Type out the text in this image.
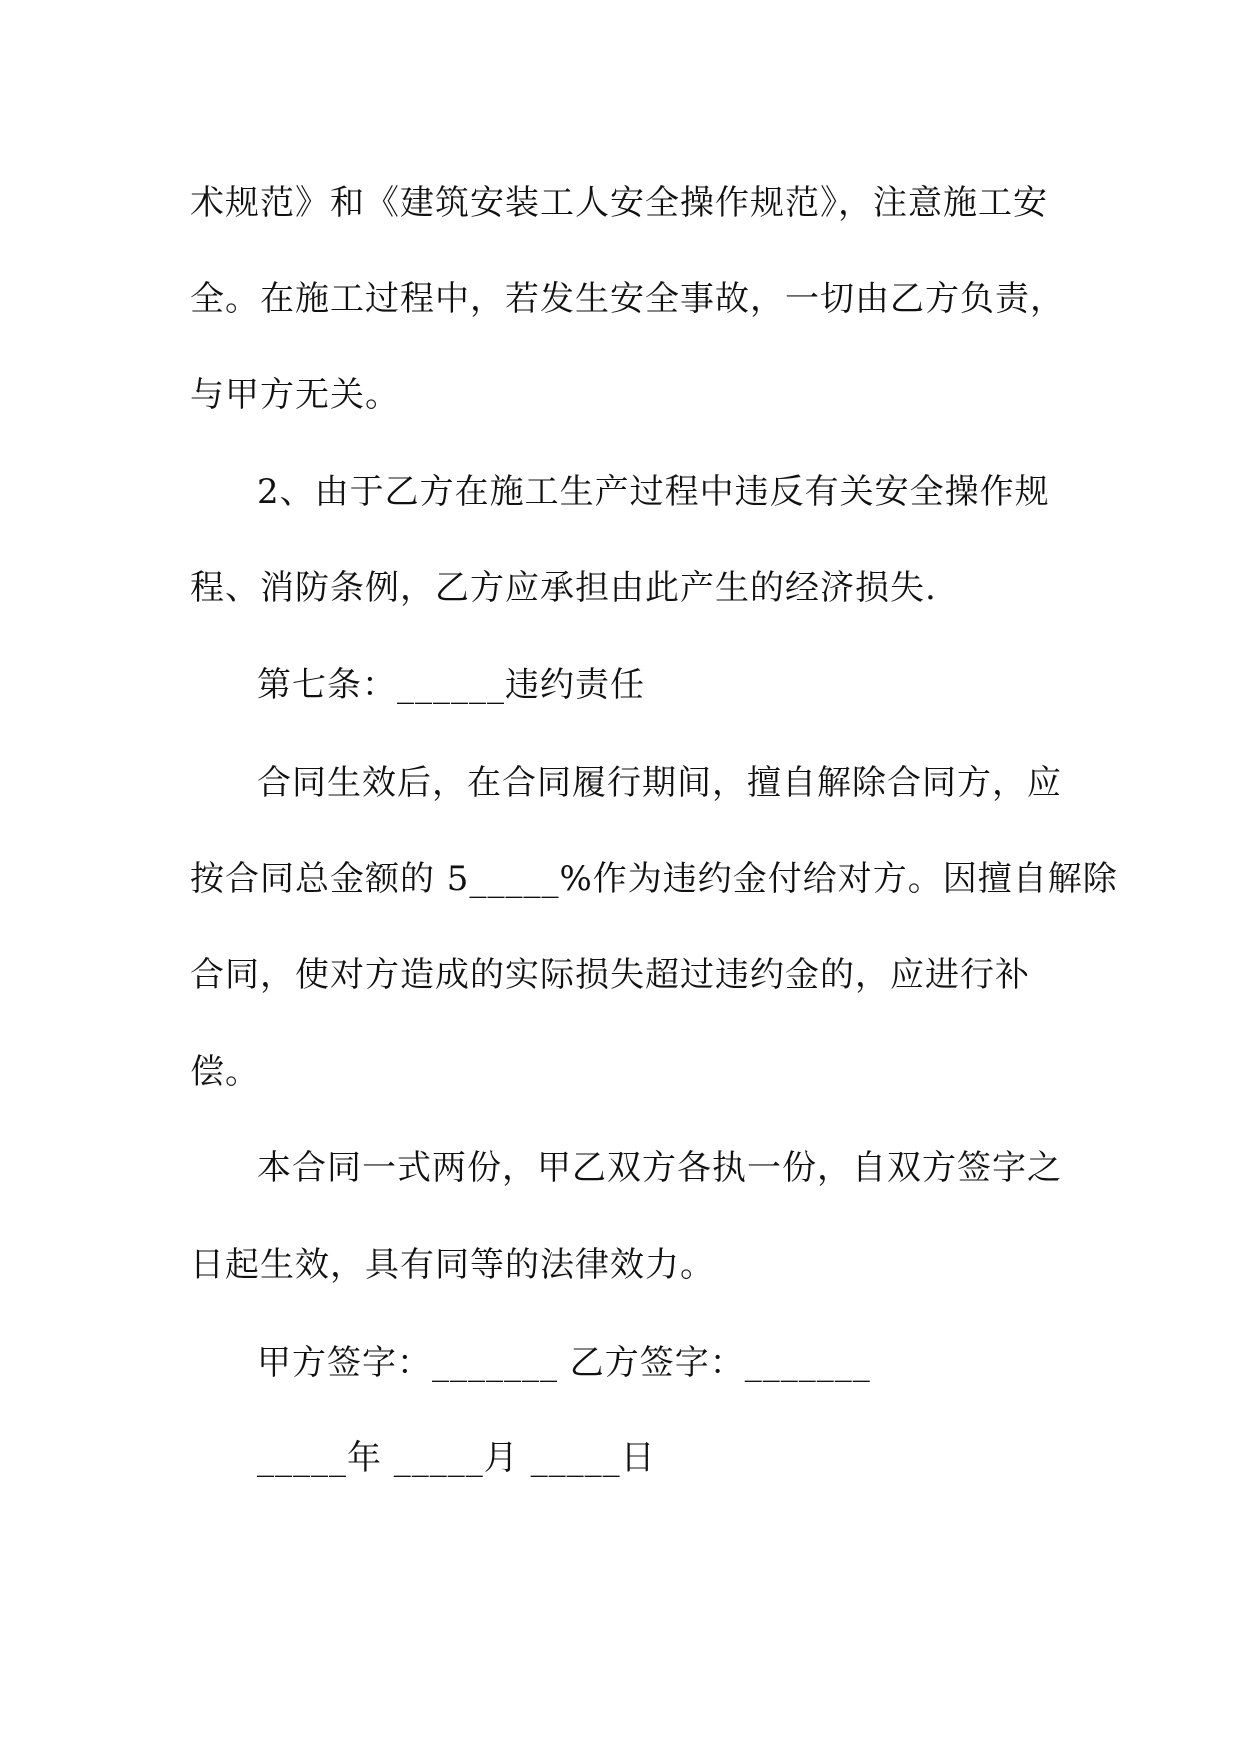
术规范》和《建筑安装工人安全操作规范》，注意施工安
全。在施工过程中，若发生安全事故，一切由乙方负责，
与甲方无关。
2、由于乙方在施工生产过程中违反有关安全操作规
程、消防条例，乙方应承担由此产生的经济损失.
第七条：______违约责任
合同生效后，在合同履行期间，擅自解除合同方，应
按合同总金额的 5_____%作为违约金付给对方。因擅自解除
合同，使对方造成的实际损失超过违约金的，应进行补
偿。
本合同一式两份，甲乙双方各执一份，自双方签字之
日起生效，具有同等的法律效力。
甲方签字：_______ 乙方签字：_______
_____年 _____月 _____日
